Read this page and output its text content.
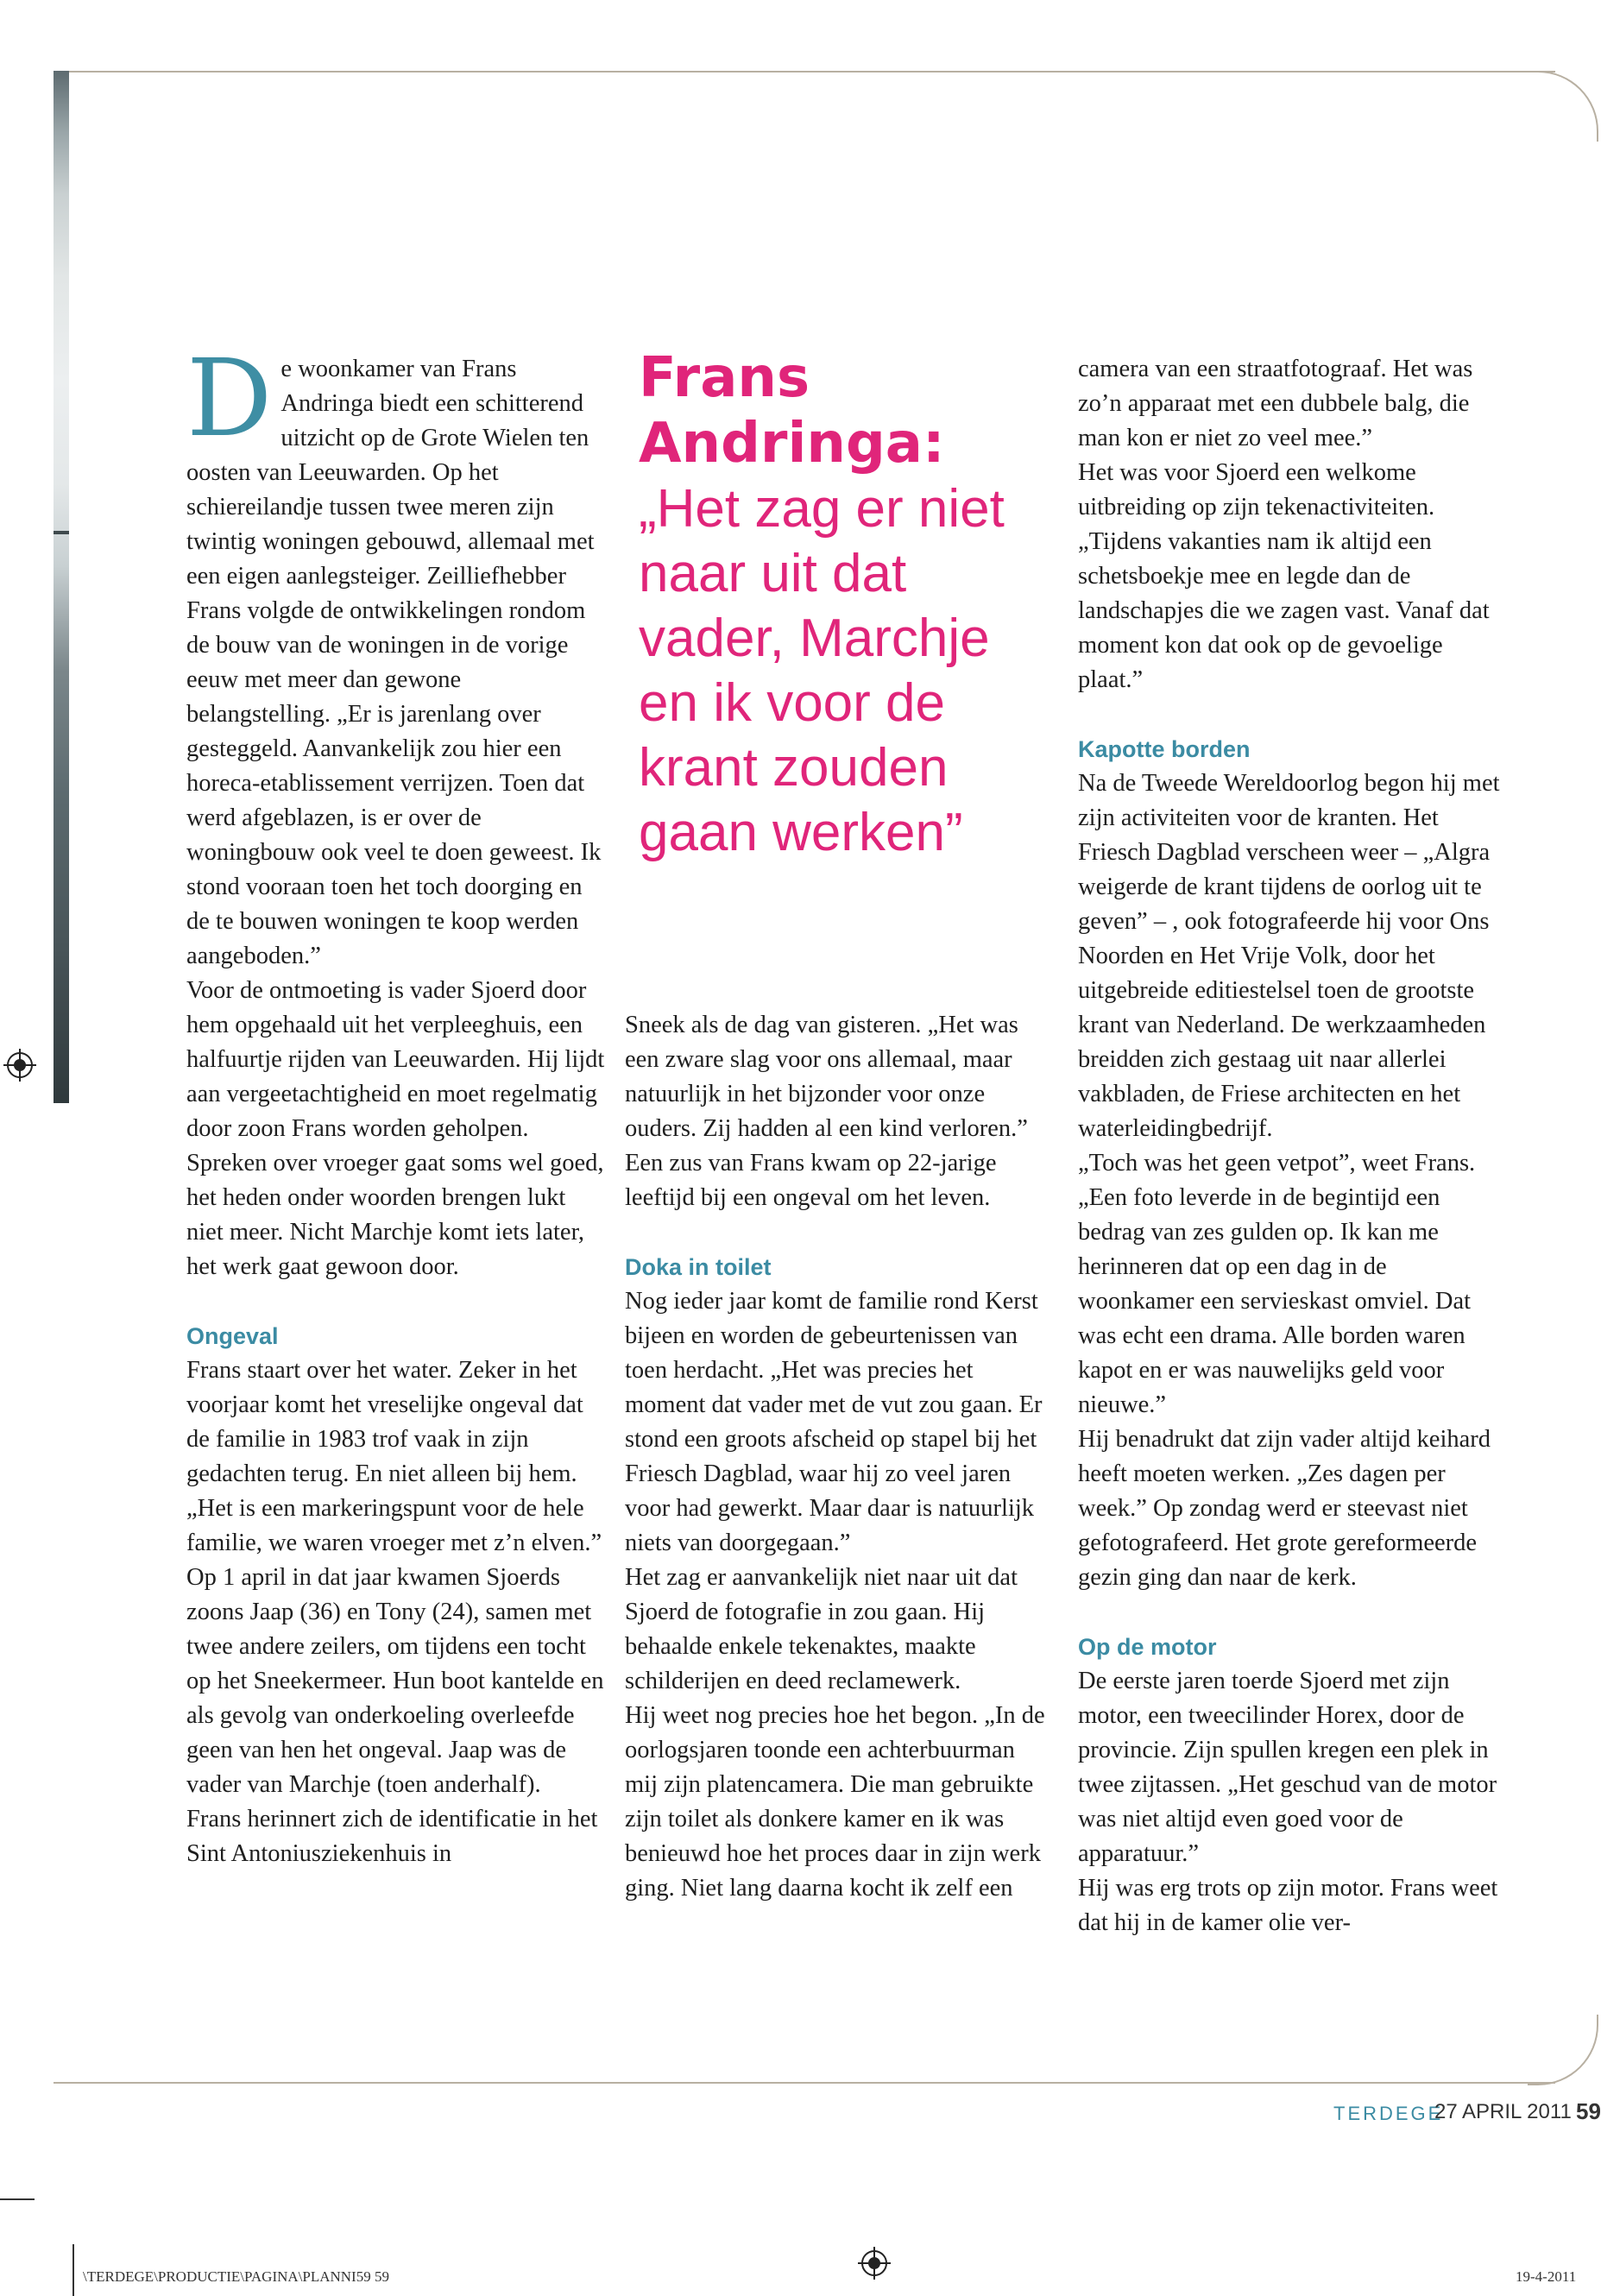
Frans Andringa:
„Het zag er niet naar uit dat vader, Marchje en ik voor de krant zouden gaan werken”

De woonkamer van Frans Andringa biedt een schitterend uitzicht op de Grote Wielen ten oosten van Leeuwarden. Op het schiereilandje tussen twee meren zijn twintig woningen gebouwd, allemaal met een eigen aanlegsteiger. Zeilliefhebber Frans volgde de ontwikkelingen rondom de bouw van de woningen in de vorige eeuw met meer dan gewone belangstelling. „Er is jarenlang over gesteggeld. Aanvankelijk zou hier een horeca-etablissement verrijzen. Toen dat werd afgeblazen, is er over de woningbouw ook veel te doen geweest. Ik stond vooraan toen het toch doorging en de te bouwen woningen te koop werden aangeboden.”

Voor de ontmoeting is vader Sjoerd door hem opgehaald uit het verpleeghuis, een halfuurtje rijden van Leeuwarden. Hij lijdt aan vergeetachtigheid en moet regelmatig door zoon Frans worden geholpen. Spreken over vroeger gaat soms wel goed, het heden onder woorden brengen lukt niet meer. Nicht Marchje komt iets later, het werk gaat gewoon door.

Ongeval

Frans staart over het water. Zeker in het voorjaar komt het vreselijke ongeval dat de familie in 1983 trof vaak in zijn gedachten terug. En niet alleen bij hem. „Het is een markeringspunt voor de hele familie, we waren vroeger met z’n elven.”

Op 1 april in dat jaar kwamen Sjoerds zoons Jaap (36) en Tony (24), samen met twee andere zeilers, om tijdens een tocht op het Sneekermeer. Hun boot kantelde en als gevolg van onderkoeling overleefde geen van hen het ongeval. Jaap was de vader van Marchje (toen anderhalf).

Frans herinnert zich de identificatie in het Sint Antoniusziekenhuis in

Sneek als de dag van gisteren. „Het was een zware slag voor ons allemaal, maar natuurlijk in het bijzonder voor onze ouders. Zij hadden al een kind verloren.” Een zus van Frans kwam op 22-jarige leeftijd bij een ongeval om het leven.

Doka in toilet

Nog ieder jaar komt de familie rond Kerst bijeen en worden de gebeurtenissen van toen herdacht. „Het was precies het moment dat vader met de vut zou gaan. Er stond een groots afscheid op stapel bij het Friesch Dagblad, waar hij zo veel jaren voor had gewerkt. Maar daar is natuurlijk niets van doorgegaan.”

Het zag er aanvankelijk niet naar uit dat Sjoerd de fotografie in zou gaan. Hij behaalde enkele tekenaktes, maakte schilderijen en deed reclamewerk.

Hij weet nog precies hoe het begon. „In de oorlogsjaren toonde een achterbuurman mij zijn platencamera. Die man gebruikte zijn toilet als donkere kamer en ik was benieuwd hoe het proces daar in zijn werk ging. Niet lang daarna kocht ik zelf een

camera van een straatfotograaf. Het was zo’n apparaat met een dubbele balg, die man kon er niet zo veel mee.”

Het was voor Sjoerd een welkome uitbreiding op zijn tekenactiviteiten. „Tijdens vakanties nam ik altijd een schetsboekje mee en legde dan de landschapjes die we zagen vast. Vanaf dat moment kon dat ook op de gevoelige plaat.”

Kapotte borden

Na de Tweede Wereldoorlog begon hij met zijn activiteiten voor de kranten. Het Friesch Dagblad verscheen weer – „Algra weigerde de krant tijdens de oorlog uit te geven” – , ook fotografeerde hij voor Ons Noorden en Het Vrije Volk, door het uitgebreide editiestelsel toen de grootste krant van Nederland. De werkzaamheden breidden zich gestaag uit naar allerlei vakbladen, de Friese architecten en het waterleidingbedrijf.

„Toch was het geen vetpot”, weet Frans. „Een foto leverde in de begintijd een bedrag van zes gulden op. Ik kan me herinneren dat op een dag in de woonkamer een servieskast omviel. Dat was echt een drama. Alle borden waren kapot en er was nauwelijks geld voor nieuwe.”

Hij benadrukt dat zijn vader altijd keihard heeft moeten werken. „Zes dagen per week.” Op zondag werd er steevast niet gefotografeerd. Het grote gereformeerde gezin ging dan naar de kerk.

Op de motor

De eerste jaren toerde Sjoerd met zijn motor, een tweecilinder Horex, door de provincie. Zijn spullen kregen een plek in twee zijtassen. „Het geschud van de motor was niet altijd even goed voor de apparatuur.”

Hij was erg trots op zijn motor. Frans weet dat hij in de kamer olie ver-

TERDEGE
27 APRIL 2011 59
\TERDEGE\PRODUCTIE\PAGINA\PLANNI59 59	19-4-2011
